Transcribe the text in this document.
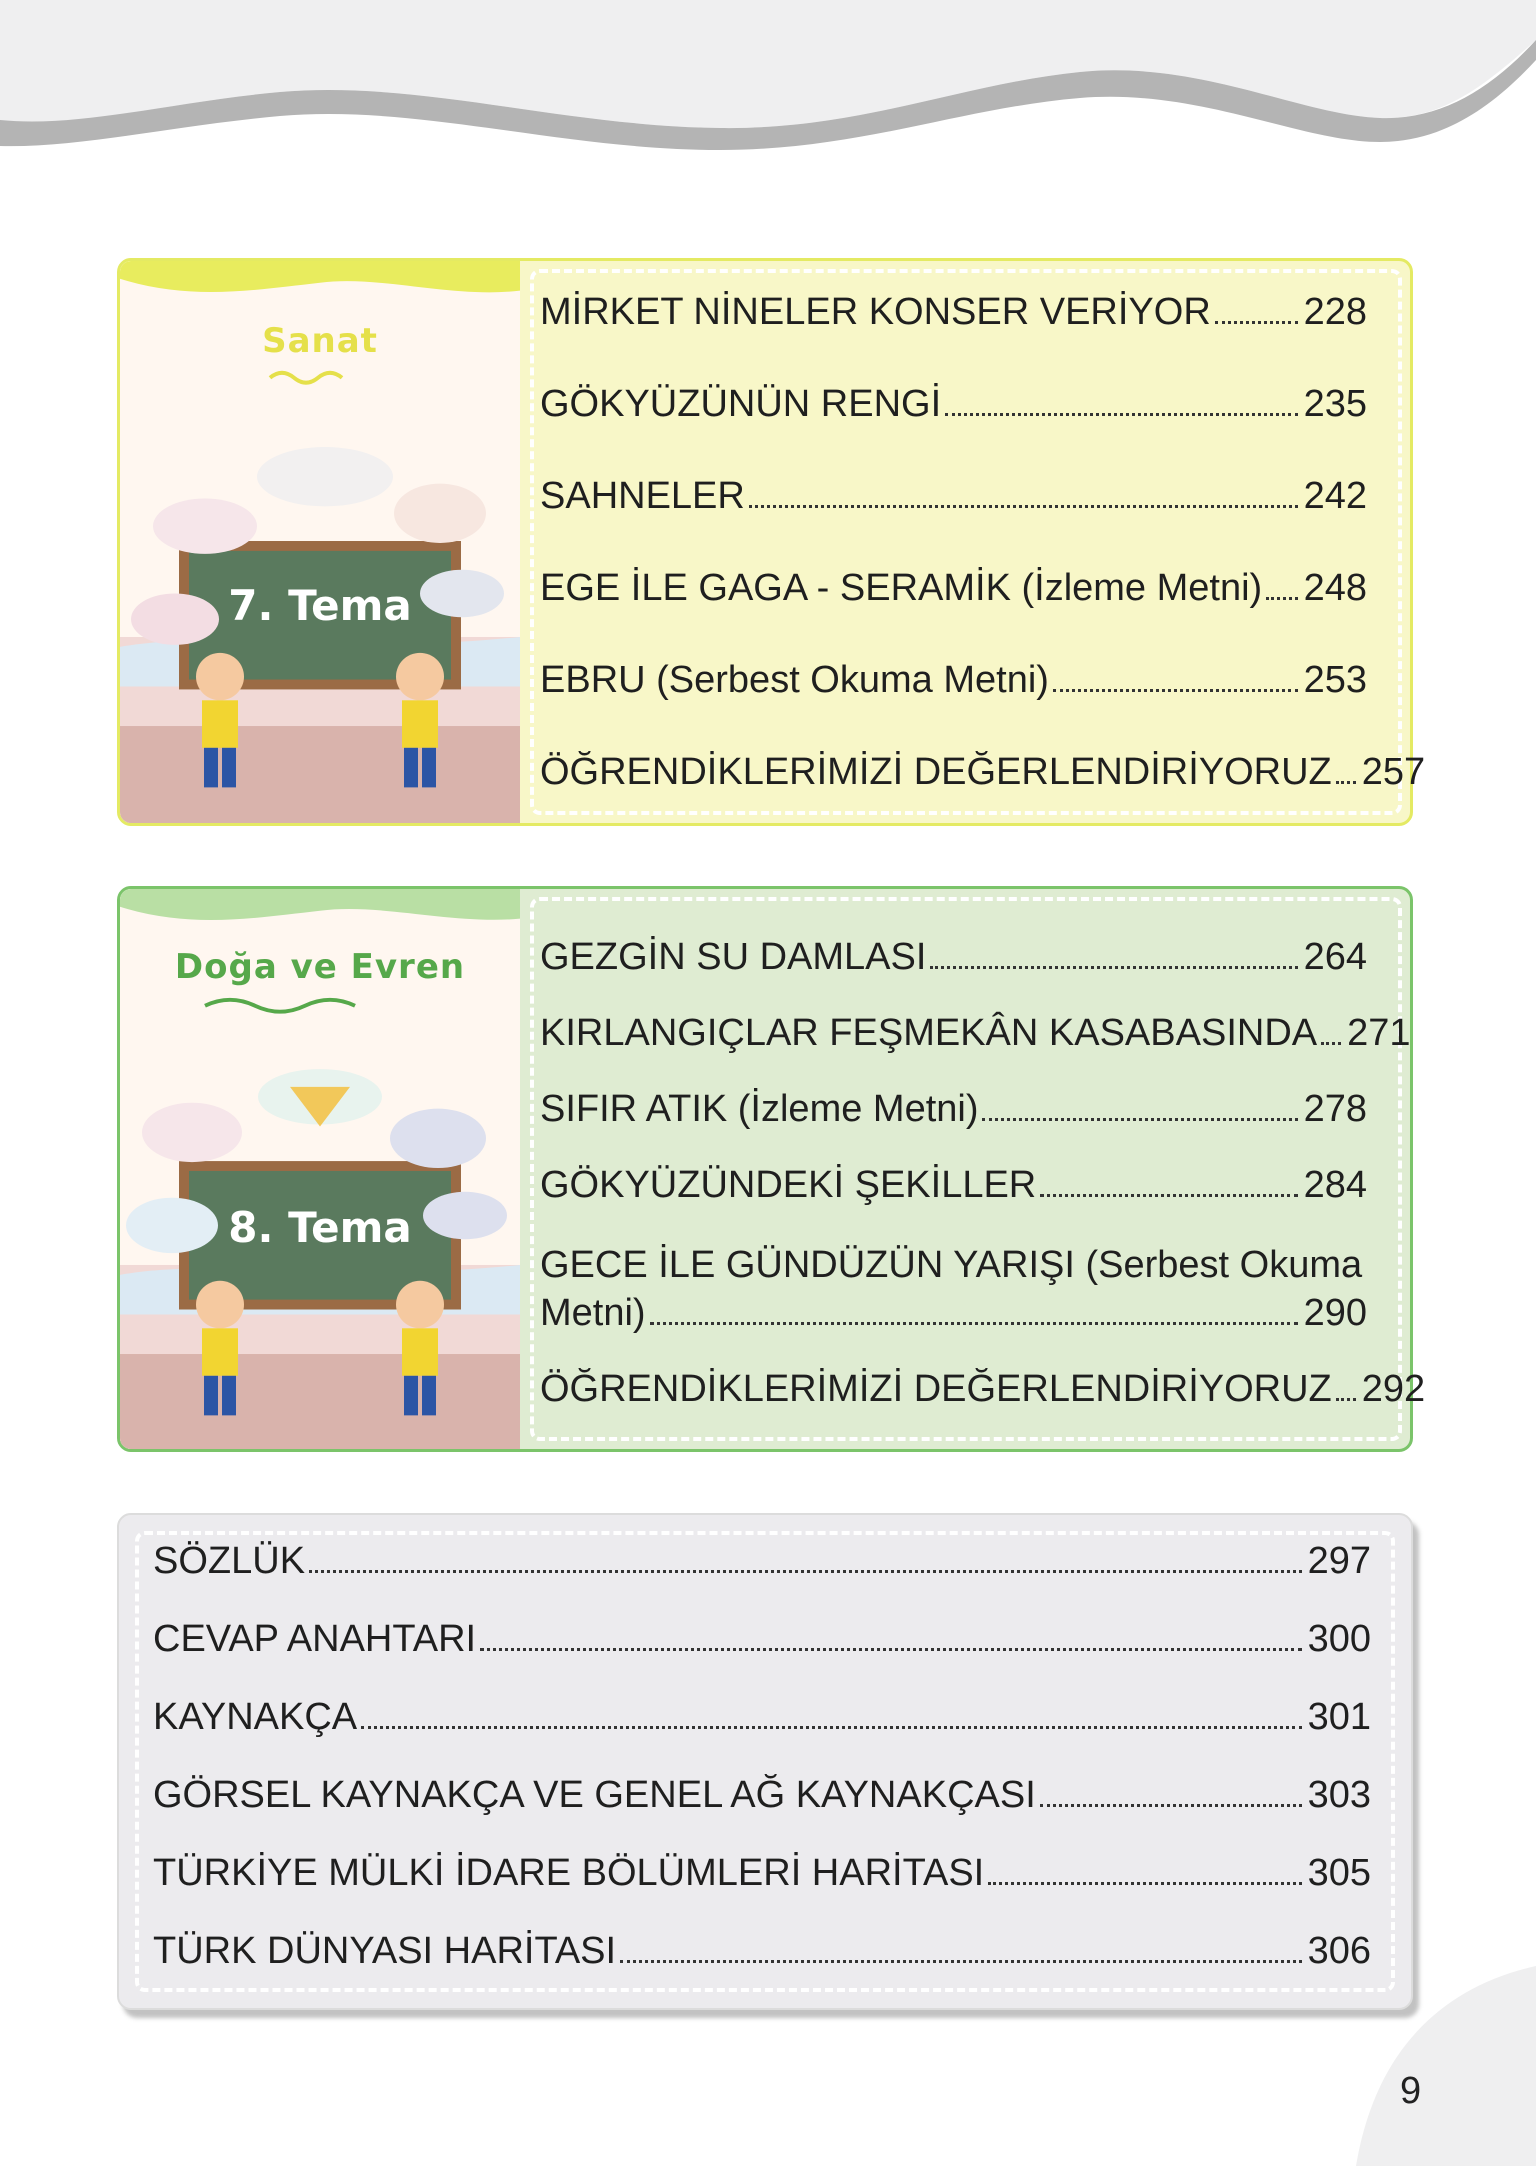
Sanat
7. Tema
MİRKET NİNELER KONSER VERİYOR 228
GÖKYÜZÜNÜN RENGİ	235
SAHNELER	242
EGE İLE GAGA - SERAMİK (İzleme Metni) 248
EBRU (Serbest Okuma Metni)	253
ÖĞRENDİKLERİMİZİ DEĞERLENDİRİYORUZ 257
Doğa ve Evren
8. Tema
GEZGİN SU DAMLASI	264
KIRLANGIÇLAR FEŞMEKÂN KASABASINDA 271
SIFIR ATIK (İzleme Metni)	278
GÖKYÜZÜNDEKİ ŞEKİLLER	284
GECE İLE GÜNDÜZÜN YARIŞI (Serbest Okuma
Metni)	290
ÖĞRENDİKLERİMİZİ DEĞERLENDİRİYORUZ 292
SÖZLÜK	297
CEVAP ANAHTARI	300
KAYNAKÇA	301
GÖRSEL KAYNAKÇA VE GENEL AĞ KAYNAKÇASI	303
TÜRKİYE MÜLKİ İDARE BÖLÜMLERİ HARİTASI	305
TÜRK DÜNYASI HARİTASI	306
9
